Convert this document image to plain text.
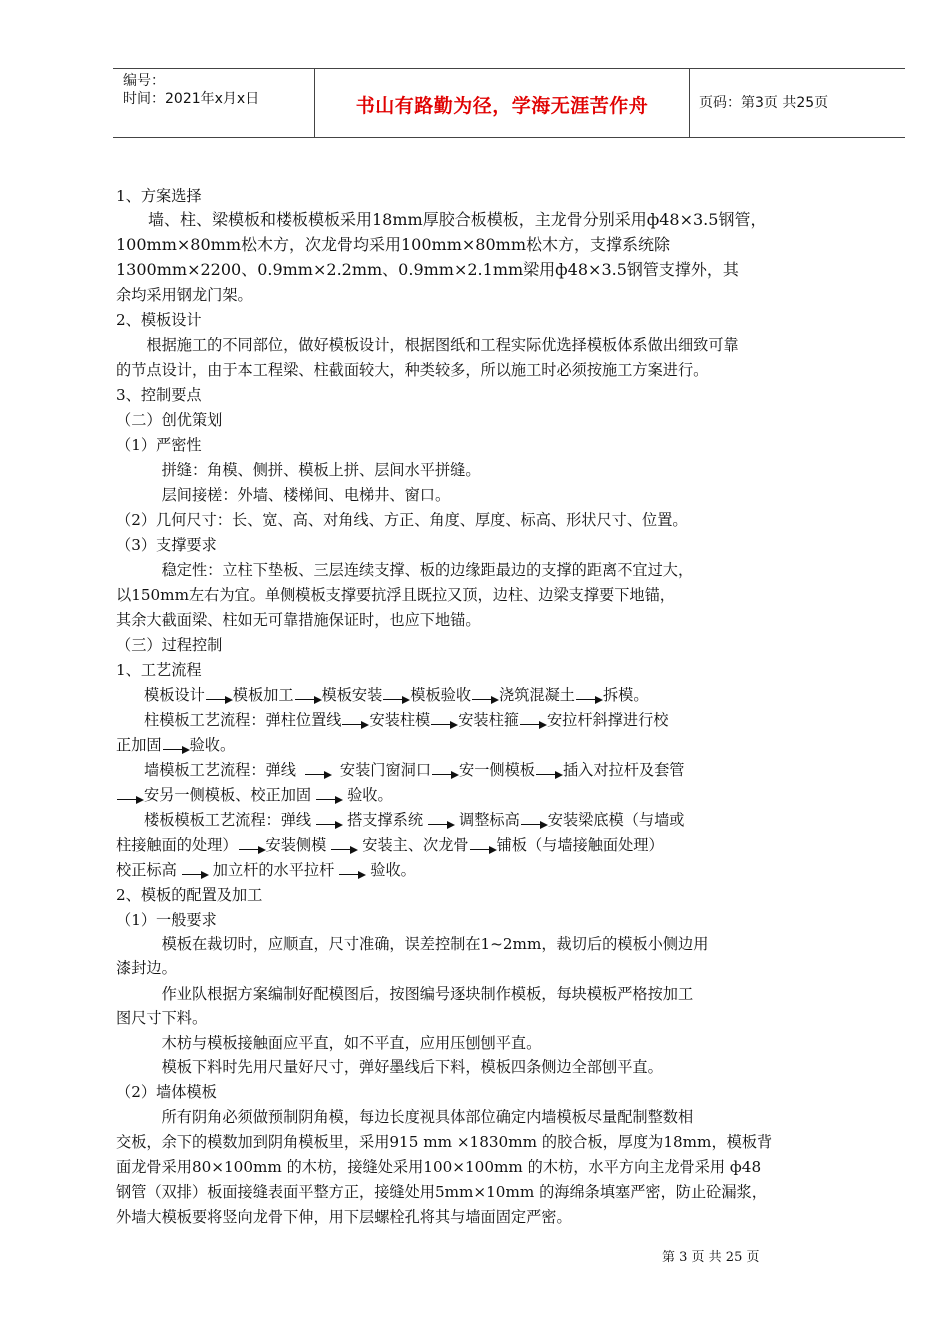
编号：
时间：2021年x月x日	书山有路勤为径，学海无涯苦作舟	页码：第3页 共25页
1、方案选择
　　墙、柱、梁模板和楼板模板采用18mm厚胶合板模板，主龙骨分别采用ф48×3.5钢管，
100mm×80mm松木方，次龙骨均采用100mm×80mm松木方，支撑系统除
1300mm×2200、0.9mm×2.2mm、0.9mm×2.1mm梁用ф48×3.5钢管支撑外，其
余均采用钢龙门架。
2、模板设计
　　根据施工的不同部位，做好模板设计，根据图纸和工程实际优选择模板体系做出细致可靠
的节点设计，由于本工程梁、柱截面较大，种类较多，所以施工时必须按施工方案进行。
3、控制要点
（二）创优策划
（1）严密性
　　　拼缝：角模、侧拼、模板上拼、层间水平拼缝。
　　　层间接槎：外墙、楼梯间、电梯井、窗口。
（2）几何尺寸：长、宽、高、对角线、方正、角度、厚度、标高、形状尺寸、位置。
（3）支撑要求
　　　稳定性：立柱下垫板、三层连续支撑、板的边缘距最边的支撑的距离不宜过大，
以150mm左右为宜。单侧模板支撑要抗浮且既拉又顶，边柱、边梁支撑要下地锚，
其余大截面梁、柱如无可靠措施保证时，也应下地锚。
（三）过程控制
1、工艺流程
模板设计 模板加工 模板安装 模板验收 浇筑混凝土 拆模。
柱模板工艺流程：弹柱位置线 安装柱模 安装柱箍 安拉杆斜撑进行校
正加固 验收。
墙模板工艺流程：弹线	安装门窗洞口 安一侧模板 插入对拉杆及套管
安另一侧模板、校正加固 验收。
楼板模板工艺流程：弹线 搭支撑系统 调整标高 安装梁底模（与墙或
柱接触面的处理） 安装侧模 安装主、次龙骨 铺板（与墙接触面处理）
校正标高 加立杆的水平拉杆 验收。
2、模板的配置及加工
（1）一般要求
　　　模板在裁切时，应顺直，尺寸准确，误差控制在1~2mm，裁切后的模板小侧边用
漆封边。
　　　作业队根据方案编制好配模图后，按图编号逐块制作模板，每块模板严格按加工
图尺寸下料。
　　　木枋与模板接触面应平直，如不平直，应用压刨刨平直。
　　　模板下料时先用尺量好尺寸，弹好墨线后下料，模板四条侧边全部刨平直。
（2）墙体模板
　　　所有阴角必须做预制阴角模，每边长度视具体部位确定内墙模板尽量配制整数相
交板，余下的模数加到阴角模板里，采用915 mm ×1830mm 的胶合板，厚度为18mm，模板背
面龙骨采用80×100mm 的木枋，接缝处采用100×100mm 的木枋，水平方向主龙骨采用 ф48
钢管（双排）板面接缝表面平整方正，接缝处用5mm×10mm 的海绵条填塞严密，防止砼漏浆，
外墙大模板要将竖向龙骨下伸，用下层螺栓孔将其与墙面固定严密。
第 3 页 共 25 页
